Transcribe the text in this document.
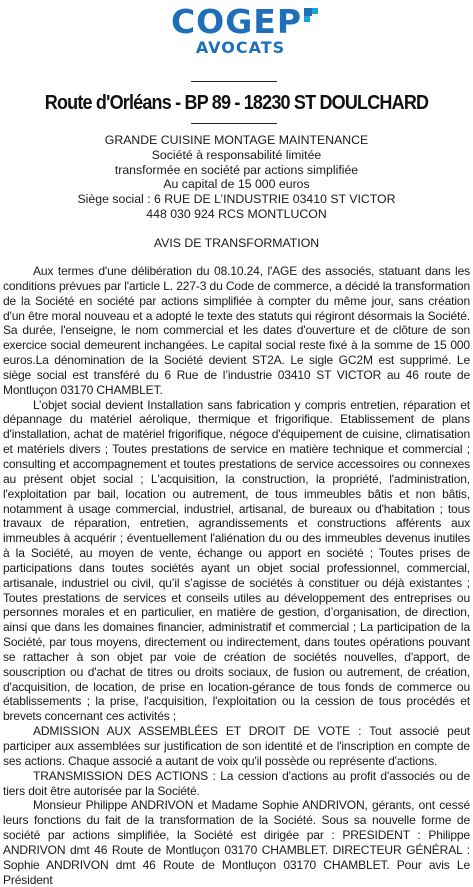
COGEP
AVOCATS
Route d'Orléans - BP 89 - 18230 ST DOULCHARD
GRANDE CUISINE MONTAGE MAINTENANCE
Société à responsabilité limitée
transformée en société par actions simplifiée
Au capital de 15 000 euros
Siège social : 6 RUE DE L’INDUSTRIE 03410 ST VICTOR
448 030 924 RCS MONTLUCON
AVIS DE TRANSFORMATION

Aux termes d'une délibération du 08.10.24, l'AGE des associés, statuant dans les conditions prévues par l'article L. 227-3 du Code de commerce, a décidé la transformation de la Société en société par actions simplifiée à compter du même jour, sans création d'un être moral nouveau et a adopté le texte des statuts qui régiront désormais la Société. Sa durée, l'enseigne, le nom commercial et les dates d'ouverture et de clôture de son exercice social demeurent inchangées. Le capital social reste fixé à la somme de 15 000 euros.La dénomination de la Société devient ST2A. Le sigle GC2M est supprimé. Le siège social est transféré du 6 Rue de l’industrie 03410 ST VICTOR au 46 route de Montluçon 03170 CHAMBLET.

L’objet social devient Installation sans fabrication y compris entretien, réparation et dépannage du matériel aérolique, thermique et frigorifique. Etablissement de plans d'installation, achat de matériel frigorifique, négoce d'équipement de cuisine, climatisation et matériels divers ; Toutes prestations de service en matière technique et commercial ; consulting et accompagnement et toutes prestations de service accessoires ou connexes au présent objet social ; L'acquisition, la construction, la propriété, l'administration, l'exploitation par bail, location ou autrement, de tous immeubles bâtis et non bâtis, notamment à usage commercial, industriel, artisanal, de bureaux ou d'habitation ; tous travaux de réparation, entretien, agrandissements et constructions afférents aux immeubles à acquérir ; éventuellement l'aliénation du ou des immeubles devenus inutiles à la Société, au moyen de vente, échange ou apport en société ; Toutes prises de participations dans toutes sociétés ayant un objet social professionnel, commercial, artisanale, industriel ou civil, qu’il s’agisse de sociétés à constituer ou déjà existantes ; Toutes prestations de services et conseils utiles au développement des entreprises ou personnes morales et en particulier, en matière de gestion, d’organisation, de direction, ainsi que dans les domaines financier, administratif et commercial ; La participation de la Société, par tous moyens, directement ou indirectement, dans toutes opérations pouvant se rattacher à son objet par voie de création de sociétés nouvelles, d'apport, de souscription ou d'achat de titres ou droits sociaux, de fusion ou autrement, de création, d'acquisition, de location, de prise en location-gérance de tous fonds de commerce ou établissements ; la prise, l'acquisition, l'exploitation ou la cession de tous procédés et brevets concernant ces activités ;

ADMISSION AUX ASSEMBLÉES ET DROIT DE VOTE : Tout associé peut participer aux assemblées sur justification de son identité et de l'inscription en compte de ses actions. Chaque associé a autant de voix qu'il possède ou représente d'actions.

TRANSMISSION DES ACTIONS : La cession d'actions au profit d'associés ou de tiers doit être autorisée par la Société.

Monsieur Philippe ANDRIVON et Madame Sophie ANDRIVON, gérants, ont cessé leurs fonctions du fait de la transformation de la Société. Sous sa nouvelle forme de société par actions simplifiée, la Société est dirigée par : PRESIDENT : Philippe ANDRIVON dmt 46 Route de Montluçon 03170 CHAMBLET. DIRECTEUR GÉNÉRAL : Sophie ANDRIVON dmt 46 Route de Montluçon 03170 CHAMBLET. Pour avis Le Président
